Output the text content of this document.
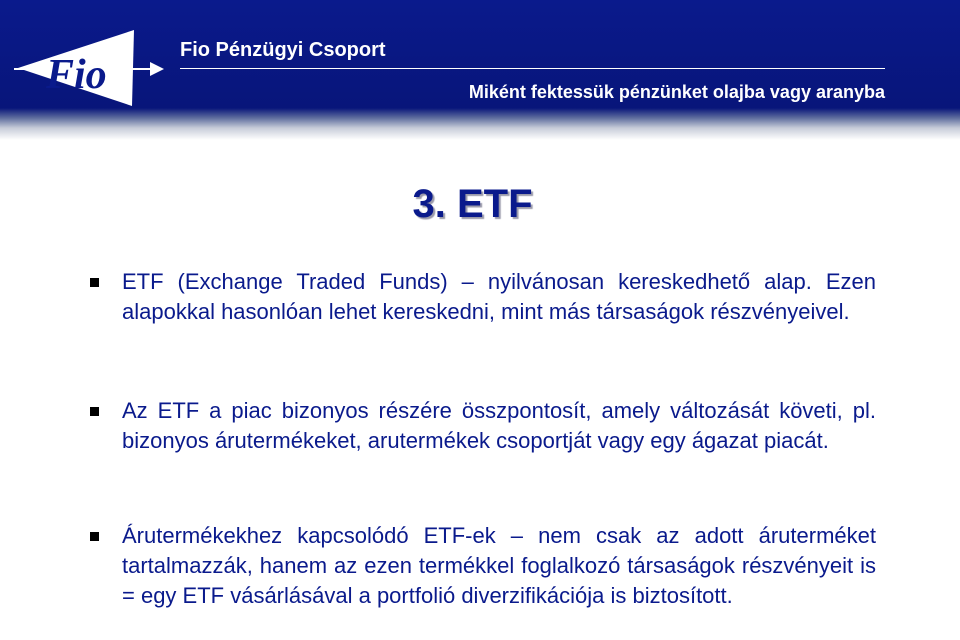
Fio
Fio Pénzügyi Csoport
Miként fektessük pénzünket olajba vagy aranyba
3. ETF
ETF (Exchange Traded Funds) – nyilvánosan kereskedhető alap. Ezen alapokkal hasonlóan lehet kereskedni, mint más társaságok részvényeivel.
Az ETF a piac bizonyos részére összpontosít, amely változását követi, pl. bizonyos árutermékeket, arutermékek csoportját vagy egy ágazat piacát.
Árutermékekhez kapcsolódó ETF-ek – nem csak az adott áruterméket tartalmazzák, hanem az ezen termékkel foglalkozó társaságok részvényeit is = egy ETF vásárlásával a portfolió diverzifikációja is biztosított.
